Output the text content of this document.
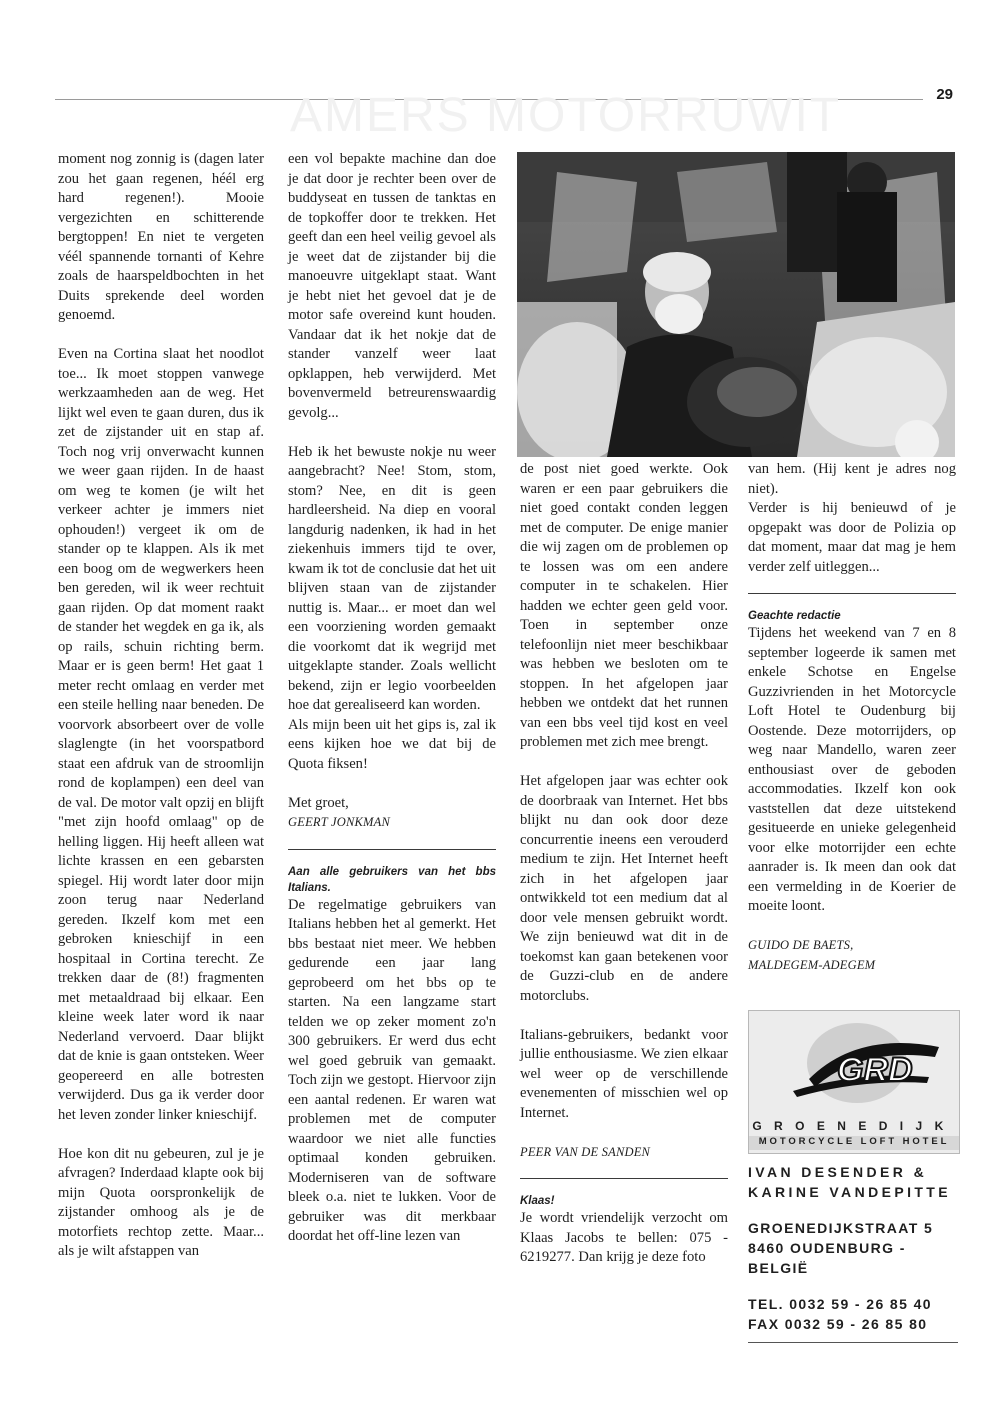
AMERS MOTORRUWIT	29

moment nog zonnig is (dagen later zou het gaan regenen, héél erg hard regenen!). Mooie vergezichten en schitterende bergtoppen! En niet te vergeten véél spannende tornanti of Kehre zoals de haarspeldbochten in het Duits sprekende deel worden genoemd.

Even na Cortina slaat het noodlot toe... Ik moet stoppen vanwege werkzaamheden aan de weg. Het lijkt wel even te gaan duren, dus ik zet de zijstander uit en stap af. Toch nog vrij onverwacht kunnen we weer gaan rijden. In de haast om weg te komen (je wilt het verkeer achter je immers niet ophouden!) vergeet ik om de stander op te klappen. Als ik met een boog om de wegwerkers heen ben gereden, wil ik weer rechtuit gaan rijden. Op dat moment raakt de stander het wegdek en ga ik, als op rails, schuin richting berm. Maar er is geen berm! Het gaat 1 meter recht omlaag en verder met een steile helling naar beneden. De voorvork absorbeert over de volle slaglengte (in het voorspatbord staat een afdruk van de stroomlijn rond de koplampen) een deel van de val. De motor valt opzij en blijft "met zijn hoofd omlaag" op de helling liggen. Hij heeft alleen wat lichte krassen en een gebarsten spiegel. Hij wordt later door mijn zoon terug naar Nederland gereden. Ikzelf kom met een gebroken knieschijf in een hospitaal in Cortina terecht. Ze trekken daar de (8!) fragmenten met metaaldraad bij elkaar. Een kleine week later word ik naar Nederland vervoerd. Daar blijkt dat de knie is gaan ontsteken. Weer geopereerd en alle botresten verwijderd. Dus ga ik verder door het leven zonder linker knieschijf.

Hoe kon dit nu gebeuren, zul je je afvragen? Inderdaad klapte ook bij mijn Quota oorspronkelijk de zijstander omhoog als je de motorfiets rechtop zette. Maar... als je wilt afstappen van

een vol bepakte machine dan doe je dat door je rechter been over de buddyseat en tussen de tanktas en de topkoffer door te trekken. Het geeft dan een heel veilig gevoel als je weet dat de zijstander bij die manoeuvre uitgeklapt staat. Want je hebt niet het gevoel dat je de motor safe overeind kunt houden. Vandaar dat ik het nokje dat de stander vanzelf weer laat opklappen, heb verwijderd. Met bovenvermeld betreurenswaardig gevolg...

Heb ik het bewuste nokje nu weer aangebracht? Nee! Stom, stom, stom? Nee, en dit is geen hardleersheid. Na diep en vooral langdurig nadenken, ik had in het ziekenhuis immers tijd te over, kwam ik tot de conclusie dat het uit blijven staan van de zijstander nuttig is. Maar... er moet dan wel een voorziening worden gemaakt die voorkomt dat ik wegrijd met uitgeklapte stander. Zoals wellicht bekend, zijn er legio voorbeelden hoe dat gerealiseerd kan worden.

Als mijn been uit het gips is, zal ik eens kijken hoe we dat bij de Quota fiksen!

Met groet,

GEERT JONKMAN

Aan alle gebruikers van het bbs Italians.

De regelmatige gebruikers van Italians hebben het al gemerkt. Het bbs bestaat niet meer. We hebben gedurende een jaar lang geprobeerd om het bbs op te starten. Na een langzame start telden we op zeker moment zo'n 300 gebruikers. Er werd dus echt wel goed gebruik van gemaakt. Toch zijn we gestopt. Hiervoor zijn een aantal redenen. Er waren wat problemen met de computer waardoor we niet alle functies optimaal konden gebruiken. Moderniseren van de software bleek o.a. niet te lukken. Voor de gebruiker was dit merkbaar doordat het off-line lezen van

de post niet goed werkte. Ook waren er een paar gebruikers die niet goed contakt conden leggen met de computer. De enige manier die wij zagen om de problemen op te lossen was om een andere computer in te schakelen. Hier hadden we echter geen geld voor. Toen in september onze telefoonlijn niet meer beschikbaar was hebben we besloten om te stoppen. In het afgelopen jaar hebben we ontdekt dat het runnen van een bbs veel tijd kost en veel problemen met zich mee brengt.

Het afgelopen jaar was echter ook de doorbraak van Internet. Het bbs blijkt nu dan ook door deze concurrentie ineens een verouderd medium te zijn. Het Internet heeft zich in het afgelopen jaar ontwikkeld tot een medium dat al door vele mensen gebruikt wordt. We zijn benieuwd wat dit in de toekomst kan gaan betekenen voor de Guzzi-club en de andere motorclubs.

Italians-gebruikers, bedankt voor jullie enthousiasme. We zien elkaar wel weer op de verschillende evenementen of misschien wel op Internet.

PEER VAN DE SANDEN

Klaas!

Je wordt vriendelijk verzocht om Klaas Jacobs te bellen: 075 - 6219277. Dan krijg je deze foto

van hem. (Hij kent je adres nog niet).

Verder is hij benieuwd of je opgepakt was door de Polizia op dat moment, maar dat mag je hem verder zelf uitleggen...

Geachte redactie

Tijdens het weekend van 7 en 8 september logeerde ik samen met enkele Schotse en Engelse Guzzivrienden in het Motorcycle Loft Hotel te Oudenburg bij Oostende. Deze motorrijders, op weg naar Mandello, waren zeer enthousiast over de geboden accommodaties. Ikzelf kon ook vaststellen dat deze uitstekend gesitueerde en unieke gelegenheid voor elke motorrijder een echte aanrader is. Ik meen dan ook dat een vermelding in de Koerier de moeite loont.

GUIDO DE BAETS,

MALDEGEM-ADEGEM

GRD
GROENEDIJK
MOTORCYCLE LOFT HOTEL
IVAN DESENDER &
KARINE VANDEPITTE
GROENEDIJKSTRAAT 5
8460 OUDENBURG - BELGIË
TEL. 0032 59 - 26 85 40
FAX 0032 59 - 26 85 80
